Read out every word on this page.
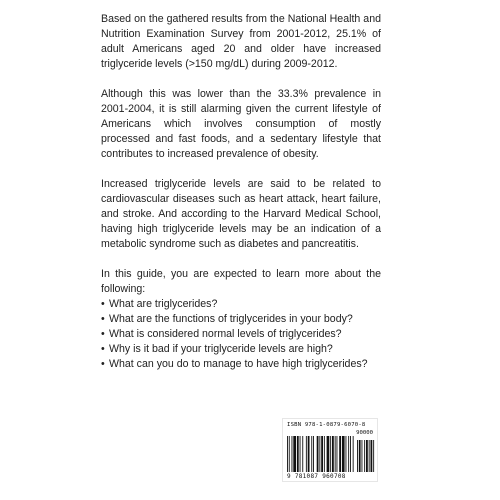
Based on the gathered results from the National Health and Nutrition Examination Survey from 2001-2012, 25.1% of adult Americans aged 20 and older have increased triglyceride levels (>150 mg/dL) during 2009-2012.

Although this was lower than the 33.3% prevalence in 2001-2004, it is still alarming given the current lifestyle of Americans which involves consumption of mostly processed and fast foods, and a sedentary lifestyle that contributes to increased prevalence of obesity.

Increased triglyceride levels are said to be related to cardiovascular diseases such as heart attack, heart failure, and stroke. And according to the Harvard Medical School, having high triglyceride levels may be an indication of a metabolic syndrome such as diabetes and pancreatitis.

In this guide, you are expected to learn more about the following:
• What are triglycerides?
• What are the functions of triglycerides in your body?
• What is considered normal levels of triglycerides?
• Why is it bad if your triglyceride levels are high?
• What can you do to manage to have high triglycerides?
ISBN 978-1-0879-6070-8
90000
9 781087 960708
